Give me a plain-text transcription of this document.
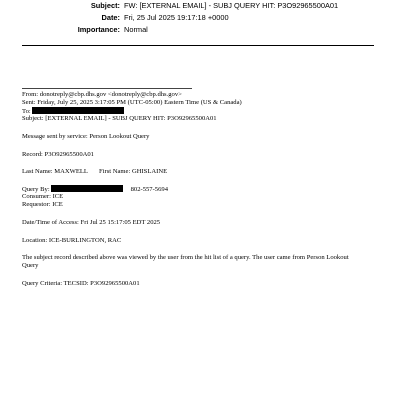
Subject: FW: [EXTERNAL EMAIL] - SUBJ QUERY HIT: P3O92965500A01
Date: Fri, 25 Jul 2025 19:17:18 +0000
Importance: Normal
From: donotreply@cbp.dhs.gov <donotreply@cbp.dhs.gov>
Sent: Friday, July 25, 2025 3:17:05 PM (UTC-05:00) Eastern Time (US & Canada)
To:
Subject: [EXTERNAL EMAIL] - SUBJ QUERY HIT: P3O92965500A01
Message sent by service: Person Lookout Query
Record: P3O92965500A01
Last Name: MAXWELL First Name: GHISLAINE
Query By:	802-557-5694
Consumer: ICE
Requestor: ICE
Date/Time of Access: Fri Jul 25 15:17:05 EDT 2025
Location: ICE-BURLINGTON, RAC
The subject record described above was viewed by the user from the hit list of a query. The user came from Person Lookout Query
Query Criteria: TECSID: P3O92965500A01
